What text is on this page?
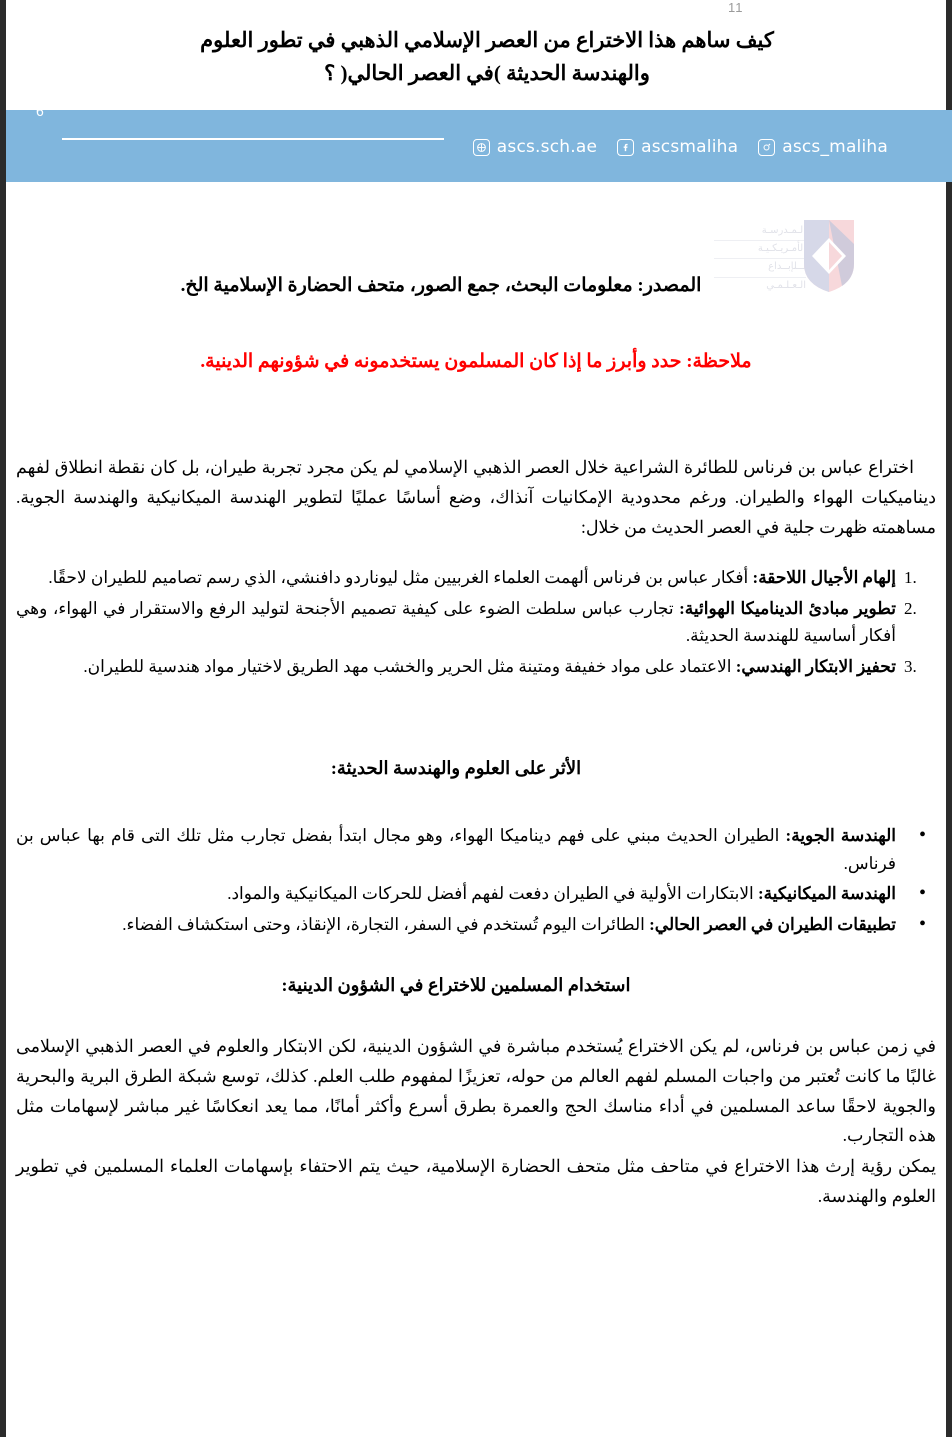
11
كيف ساهم هذا الاختراع من العصر الإسلامي الذهبي في تطور العلوم
والهندسة الحديثة )في العصر الحالي( ؟
6
ascs.sch.ae	ascsmaliha	ascs_maliha
الـمـدرسـة
الأمـريـكـيـة
لــلإبــداع
الـعـلـمـي
المصدر: معلومات البحث، جمع الصور، متحف الحضارة الإسلامية الخ.
ملاحظة: حدد وأبرز ما إذا كان المسلمون يستخدمونه في شؤونهم الدينية.
اختراع عباس بن فرناس للطائرة الشراعية خلال العصر الذهبي الإسلامي لم يكن مجرد تجربة طيران، بل كان نقطة انطلاق لفهم ديناميكيات الهواء والطيران. ورغم محدودية الإمكانيات آنذاك، وضع أساسًا عمليًا لتطوير الهندسة الميكانيكية والهندسة الجوية. مساهمته ظهرت جلية في العصر الحديث من خلال:
1.
إلهام الأجيال اللاحقة: أفكار عباس بن فرناس ألهمت العلماء الغربيين مثل ليوناردو دافنشي، الذي رسم تصاميم للطيران لاحقًا.
2.
تطوير مبادئ الديناميكا الهوائية: تجارب عباس سلطت الضوء على كيفية تصميم الأجنحة لتوليد الرفع والاستقرار في الهواء، وهي أفكار أساسية للهندسة الحديثة.
3.
تحفيز الابتكار الهندسي: الاعتماد على مواد خفيفة ومتينة مثل الحرير والخشب مهد الطريق لاختيار مواد هندسية للطيران.
الأثر على العلوم والهندسة الحديثة:
•
الهندسة الجوية: الطيران الحديث مبني على فهم ديناميكا الهواء، وهو مجال ابتدأ بفضل تجارب مثل تلك التى قام بها عباس بن فرناس.
•
الهندسة الميكانيكية: الابتكارات الأولية في الطيران دفعت لفهم أفضل للحركات الميكانيكية والمواد.
•
تطبيقات الطيران في العصر الحالي: الطائرات اليوم تُستخدم في السفر، التجارة، الإنقاذ، وحتى استكشاف الفضاء.
استخدام المسلمين للاختراع في الشؤون الدينية:
في زمن عباس بن فرناس، لم يكن الاختراع يُستخدم مباشرة في الشؤون الدينية، لكن الابتكار والعلوم في العصر الذهبي الإسلامى غالبًا ما كانت تُعتبر من واجبات المسلم لفهم العالم من حوله، تعزيزًا لمفهوم طلب العلم. كذلك، توسع شبكة الطرق البرية والبحرية والجوية لاحقًا ساعد المسلمين في أداء مناسك الحج والعمرة بطرق أسرع وأكثر أمانًا، مما يعد انعكاسًا غير مباشر لإسهامات مثل هذه التجارب.
يمكن رؤية إرث هذا الاختراع في متاحف مثل متحف الحضارة الإسلامية، حيث يتم الاحتفاء بإسهامات العلماء المسلمين في تطوير العلوم والهندسة.
